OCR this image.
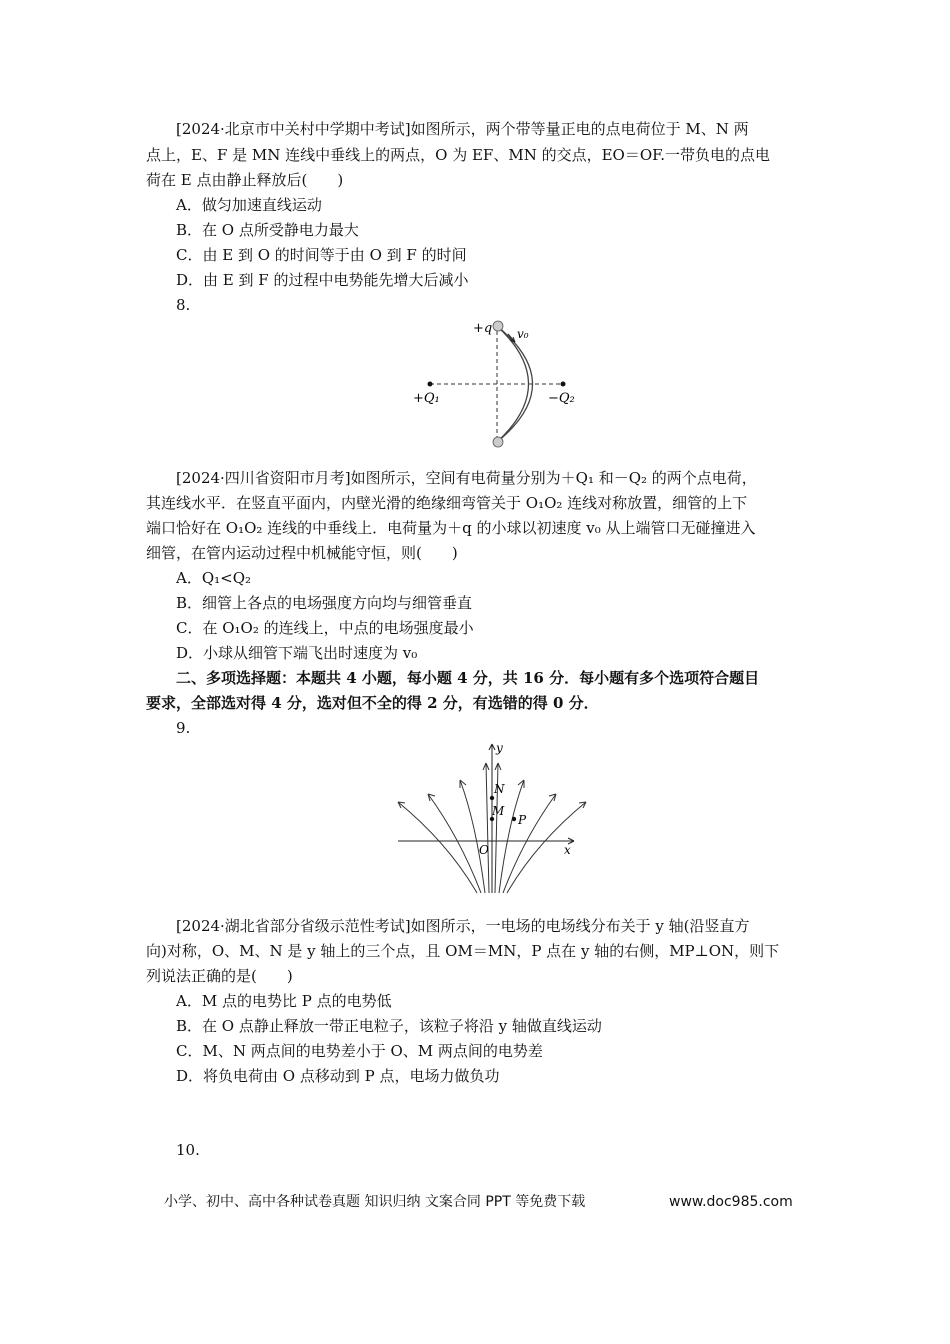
[2024·北京市中关村中学期中考试]如图所示，两个带等量正电的点电荷位于 M、N 两
点上，E、F 是 MN 连线中垂线上的两点，O 为 EF、MN 的交点，EO＝OF.一带负电的点电
荷在 E 点由静止释放后(　　)
A．做匀加速直线运动
B．在 O 点所受静电力最大
C．由 E 到 O 的时间等于由 O 到 F 的时间
D．由 E 到 F 的过程中电势能先增大后减小
8.
+q v₀
+Q₁	−Q₂
[2024·四川省资阳市月考]如图所示，空间有电荷量分别为＋Q₁ 和－Q₂ 的两个点电荷，
其连线水平．在竖直平面内，内壁光滑的绝缘细弯管关于 O₁O₂ 连线对称放置，细管的上下
端口恰好在 O₁O₂ 连线的中垂线上．电荷量为＋q 的小球以初速度 v₀ 从上端管口无碰撞进入
细管，在管内运动过程中机械能守恒，则(　　)
A．Q₁<Q₂
B．细管上各点的电场强度方向均与细管垂直
C．在 O₁O₂ 的连线上，中点的电场强度最小
D．小球从细管下端飞出时速度为 v₀
二、多项选择题：本题共 4 小题，每小题 4 分，共 16 分．每小题有多个选项符合题目
要求，全部选对得 4 分，选对但不全的得 2 分，有选错的得 0 分．
9.
y
x
N
M
P
O
[2024·湖北省部分省级示范性考试]如图所示，一电场的电场线分布关于 y 轴(沿竖直方
向)对称，O、M、N 是 y 轴上的三个点，且 OM＝MN，P 点在 y 轴的右侧，MP⊥ON，则下
列说法正确的是(　　)
A．M 点的电势比 P 点的电势低
B．在 O 点静止释放一带正电粒子，该粒子将沿 y 轴做直线运动
C．M、N 两点间的电势差小于 O、M 两点间的电势差
D．将负电荷由 O 点移动到 P 点，电场力做负功
10.
小学、初中、高中各种试卷真题 知识归纳 文案合同 PPT 等免费下载	www.doc985.com
